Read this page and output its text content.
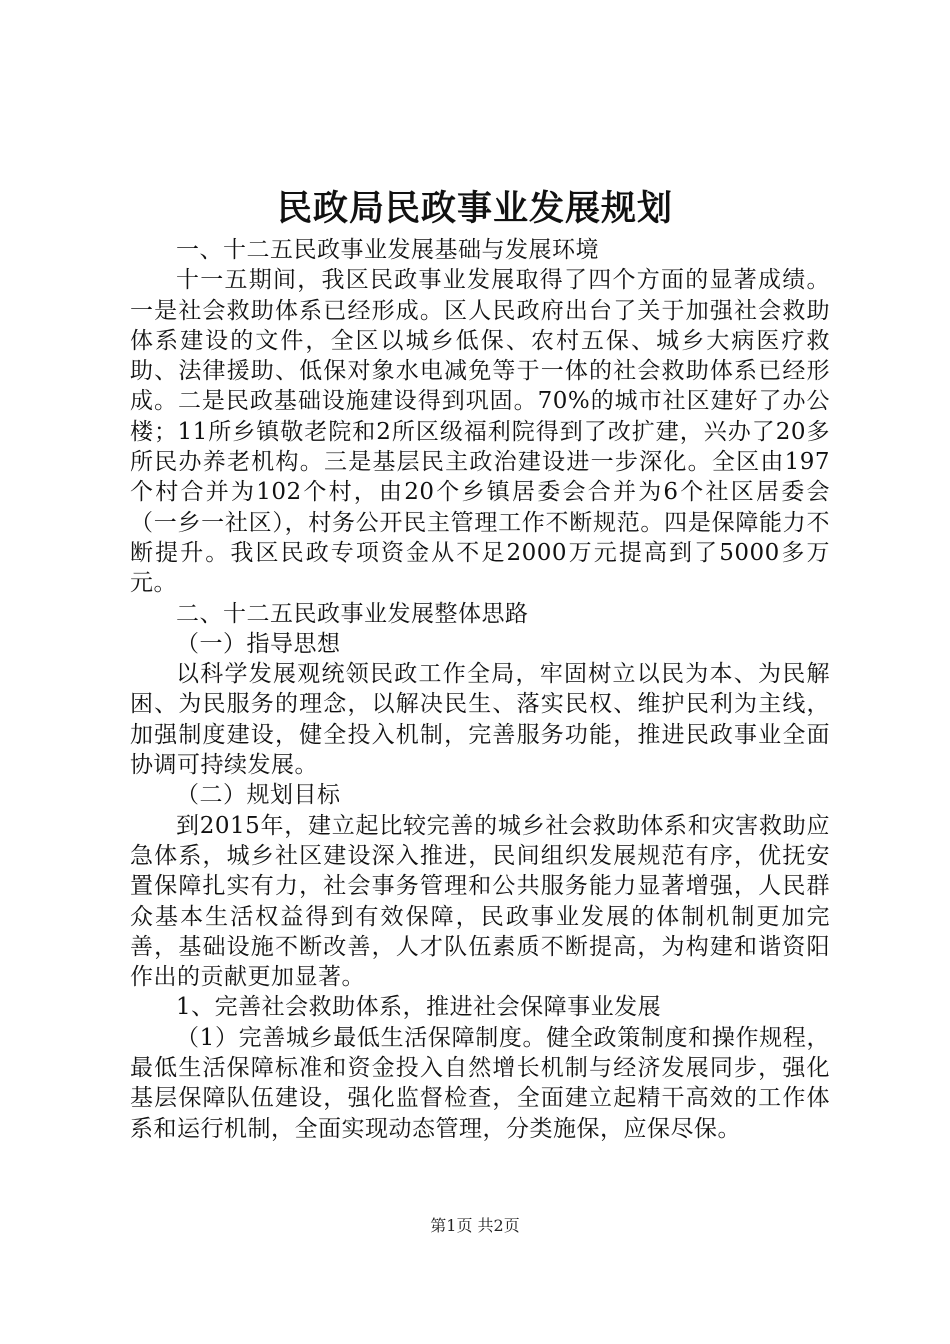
民政局民政事业发展规划

一、十二五民政事业发展基础与发展环境

十一五期间，我区民政事业发展取得了四个方面的显著成绩。一是社会救助体系已经形成。区人民政府出台了关于加强社会救助体系建设的文件，全区以城乡低保、农村五保、城乡大病医疗救助、法律援助、低保对象水电减免等于一体的社会救助体系已经形成。二是民政基础设施建设得到巩固。70%的城市社区建好了办公楼；11所乡镇敬老院和2所区级福利院得到了改扩建，兴办了20多所民办养老机构。三是基层民主政治建设进一步深化。全区由197个村合并为102个村，由20个乡镇居委会合并为6个社区居委会（一乡一社区），村务公开民主管理工作不断规范。四是保障能力不断提升。我区民政专项资金从不足2000万元提高到了5000多万元。

二、十二五民政事业发展整体思路

（一）指导思想

以科学发展观统领民政工作全局，牢固树立以民为本、为民解困、为民服务的理念，以解决民生、落实民权、维护民利为主线，加强制度建设，健全投入机制，完善服务功能，推进民政事业全面协调可持续发展。

（二）规划目标

到2015年，建立起比较完善的城乡社会救助体系和灾害救助应急体系，城乡社区建设深入推进，民间组织发展规范有序，优抚安置保障扎实有力，社会事务管理和公共服务能力显著增强，人民群众基本生活权益得到有效保障，民政事业发展的体制机制更加完善，基础设施不断改善，人才队伍素质不断提高，为构建和谐资阳作出的贡献更加显著。

1、完善社会救助体系，推进社会保障事业发展

（1）完善城乡最低生活保障制度。健全政策制度和操作规程，最低生活保障标准和资金投入自然增长机制与经济发展同步，强化基层保障队伍建设，强化监督检查，全面建立起精干高效的工作体系和运行机制，全面实现动态管理，分类施保，应保尽保。

第1页 共2页
